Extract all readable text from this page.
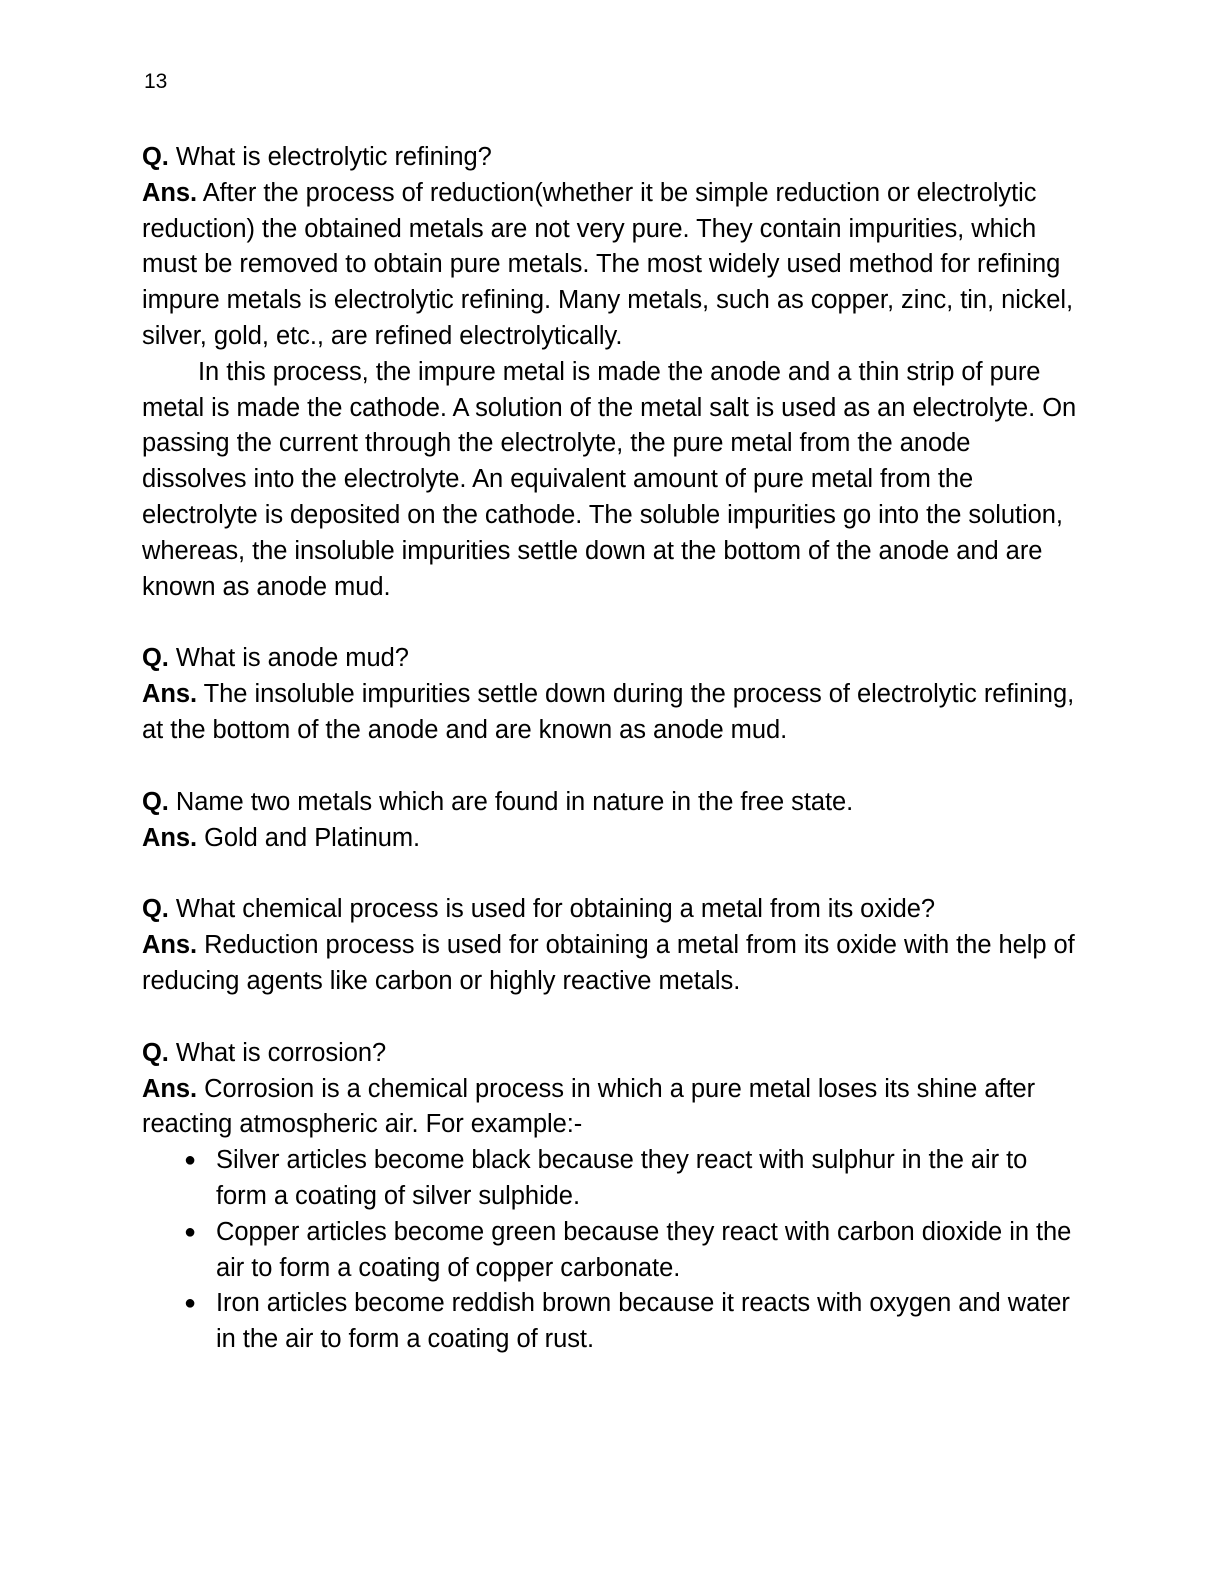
13
Q. What is electrolytic refining?
Ans. After the process of reduction(whether it be simple reduction or electrolytic reduction) the obtained metals are not very pure. They contain impurities, which must be removed to obtain pure metals. The most widely used method for refining impure metals is electrolytic refining. Many metals, such as copper, zinc, tin, nickel, silver, gold, etc., are refined electrolytically.

In this process, the impure metal is made the anode and a thin strip of pure metal is made the cathode. A solution of the metal salt is used as an electrolyte. On passing the current through the electrolyte, the pure metal from the anode dissolves into the electrolyte. An equivalent amount of pure metal from the electrolyte is deposited on the cathode. The soluble impurities go into the solution, whereas, the insoluble impurities settle down at the bottom of the anode and are known as anode mud.

Q. What is anode mud?
Ans. The insoluble impurities settle down during the process of electrolytic refining, at the bottom of the anode and are known as anode mud.
Q. Name two metals which are found in nature in the free state.
Ans. Gold and Platinum.
Q. What chemical process is used for obtaining a metal from its oxide?
Ans. Reduction process is used for obtaining a metal from its oxide with the help of reducing agents like carbon or highly reactive metals.
Q. What is corrosion?
Ans. Corrosion is a chemical process in which a pure metal loses its shine after reacting atmospheric air. For example:-
● Silver articles become black because they react with sulphur in the air to form a coating of silver sulphide.
● Copper articles become green because they react with carbon dioxide in the air to form a coating of copper carbonate.
● Iron articles become reddish brown because it reacts with oxygen and water in the air to form a coating of rust.
